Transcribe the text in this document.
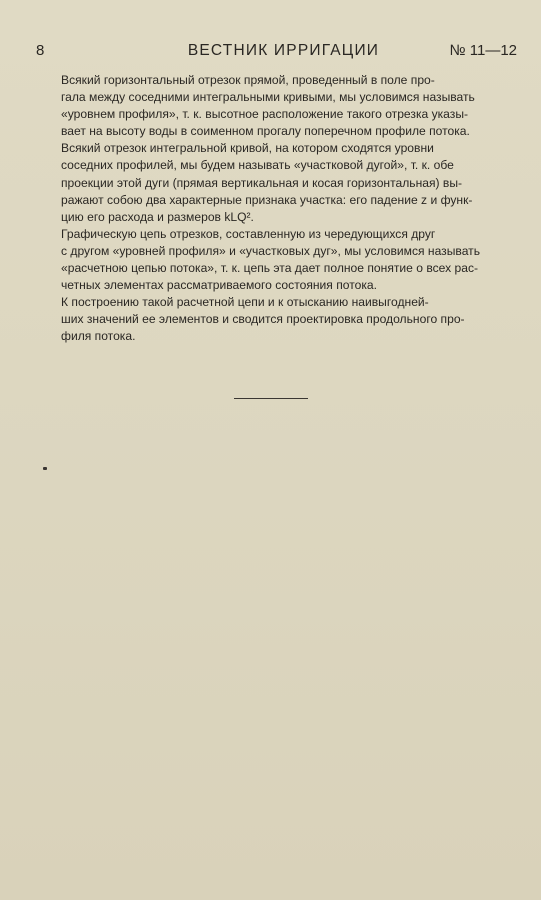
8	ВЕСТНИК ИРРИГАЦИИ	№ 11—12

Всякий горизонтальный отрезок прямой, проведенный в поле про-
гала между соседними интегральными кривыми, мы условимся называть
«уровнем профиля», т. к. высотное расположение такого отрезка указы-
вает на высоту воды в соименном прогалу поперечном профиле потока.

Всякий отрезок интегральной кривой, на котором сходятся уровни
соседних профилей, мы будем называть «участковой дугой», т. к. обе
проекции этой дуги (прямая вертикальная и косая горизонтальная) вы-
ражают собою два характерные признака участка: его падение z и функ-
цию его расхода и размеров kLQ².

Графическую цепь отрезков, составленную из чередующихся друг
с другом «уровней профиля» и «участковых дуг», мы условимся называть
«расчетною цепью потока», т. к. цепь эта дает полное понятие о всех рас-
четных элементах рассматриваемого состояния потока.

К построению такой расчетной цепи и к отысканию наивыгодней-
ших значений ее элементов и сводится проектировка продольного про-
филя потока.
